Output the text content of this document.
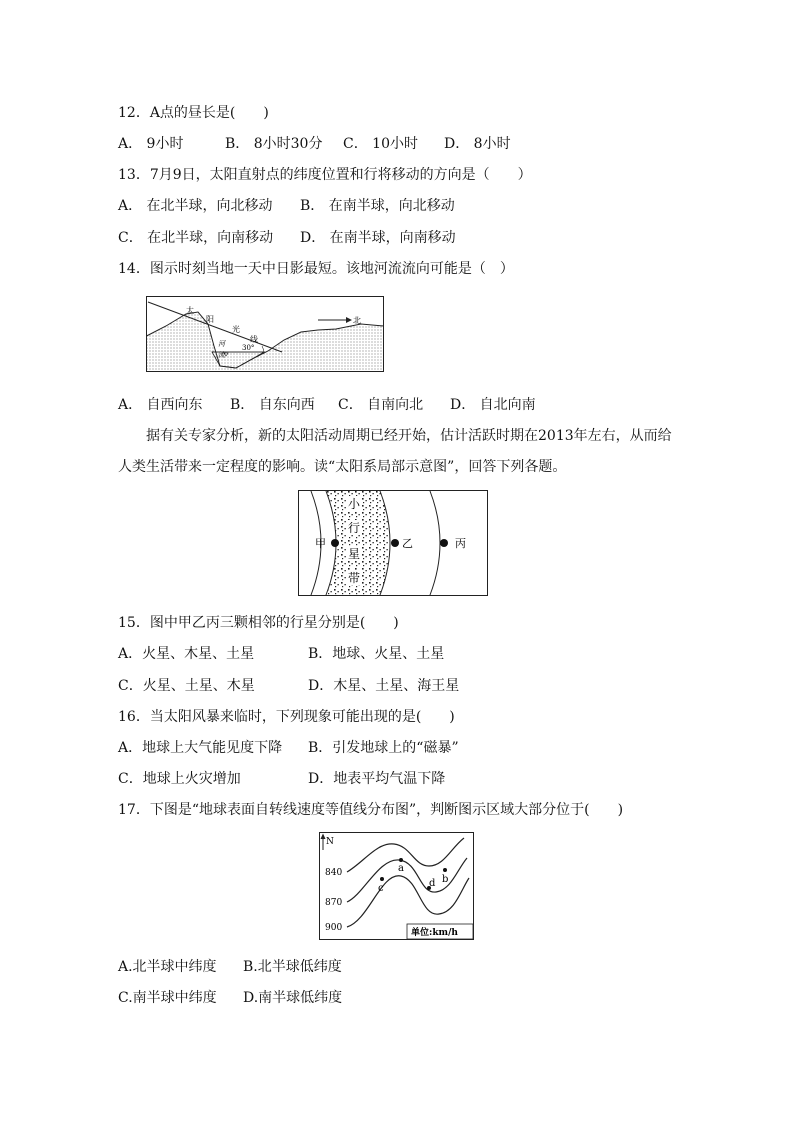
12．A点的昼长是(　　)
A． 9小时	B． 8小时30分 C． 10小时 D． 8小时
13．7月9日，太阳直射点的纬度位置和行将移动的方向是（　　）
A． 在北半球，向北移动 B． 在南半球，向北移动
C． 在北半球，向南移动 D． 在南半球，向南移动
14．图示时刻当地一天中日影最短。该地河流流向可能是（　）
太
阳
光
线
河
流
30°
北
A． 自西向东 B． 自东向西 C． 自南向北 D． 自北向南
据有关专家分析，新的太阳活动周期已经开始，估计活跃时期在2013年左右，从而给
人类生活带来一定程度的影响。读“太阳系局部示意图”，回答下列各题。
小
行
星
带
甲	乙	丙
15．图中甲乙丙三颗相邻的行星分别是(　　)
A．火星、木星、土星	B．地球、火星、土星
C．火星、土星、木星	D．木星、土星、海王星
16．当太阳风暴来临时，下列现象可能出现的是(　　)
A．地球上大气能见度下降 B．引发地球上的“磁暴”
C．地球上火灾增加	D．地表平均气温下降
17．下图是“地球表面自转线速度等值线分布图”，判断图示区域大部分位于(　　)
N
840
870
900
a
b
c	d
单位:km/h
A.北半球中纬度 B.北半球低纬度
C.南半球中纬度 D.南半球低纬度
